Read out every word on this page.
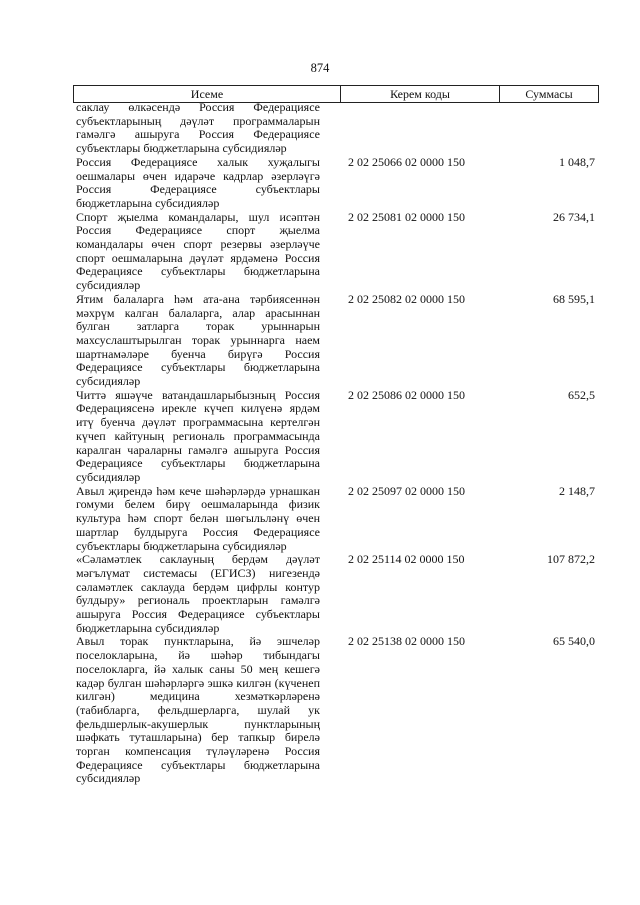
874
Исеме	Керем коды	Суммасы
саклау өлкәсендә Россия Федерациясе субъектларының дәүләт программаларын гамәлгә ашыруга Россия Федерациясе субъектлары бюджетларына субсидияләр
Россия Федерациясе халык хуҗалыгы оешмалары өчен идарәче кадрлар әзерләүгә Россия Федерациясе субъектлары бюджетларына субсидияләр
2 02 25066 02 0000 150	1 048,7
Спорт җыелма командалары, шул исәптән Россия Федерациясе спорт җыелма командалары өчен спорт резервы әзерләүче спорт оешмаларына дәүләт ярдәменә Россия Федерациясе субъектлары бюджетларына субсидияләр
2 02 25081 02 0000 150	26 734,1
Ятим балаларга һәм ата-ана тәрбиясеннән мәхрүм калган балаларга, алар арасыннан булган затларга торак урыннарын махсуслаштырылган торак урыннарга наем шартнамәләре буенча бирүгә Россия Федерациясе субъектлары бюджетларына субсидияләр
2 02 25082 02 0000 150	68 595,1
Читтә яшәүче ватандашларыбызның Россия Федерациясенә ирекле күчеп килүенә ярдәм итү буенча дәүләт программасына кертелгән күчеп кайтуның региональ программасында каралган чараларны гамәлгә ашыруга Россия Федерациясе субъектлары бюджетларына субсидияләр
2 02 25086 02 0000 150	652,5
Авыл җирендә һәм кече шәһәрләрдә урнашкан гомуми белем бирү оешмаларында физик культура һәм спорт белән шөгыльләнү өчен шартлар булдыруга Россия Федерациясе субъектлары бюджетларына субсидияләр
2 02 25097 02 0000 150	2 148,7
«Сәламәтлек саклауның бердәм дәүләт мәгълүмат системасы (ЕГИСЗ) нигезендә сәламәтлек саклауда бердәм цифрлы контур булдыру» региональ проектларын гамәлгә ашыруга Россия Федерациясе субъектлары бюджетларына субсидияләр
2 02 25114 02 0000 150	107 872,2
Авыл торак пунктларына, йә эшчеләр поселокларына, йә шәһәр тибындагы поселокларга, йә халык саны 50 мең кешегә кадәр булган шәһәрләргә эшкә килгән (күченеп килгән) медицина хезмәткәрләренә (табибларга, фельдшерларга, шулай ук фельдшерлык-акушерлык пунктларының шәфкать туташларына) бер тапкыр бирелә торган компенсация түләүләренә Россия Федерациясе субъектлары бюджетларына субсидияләр
2 02 25138 02 0000 150	65 540,0
